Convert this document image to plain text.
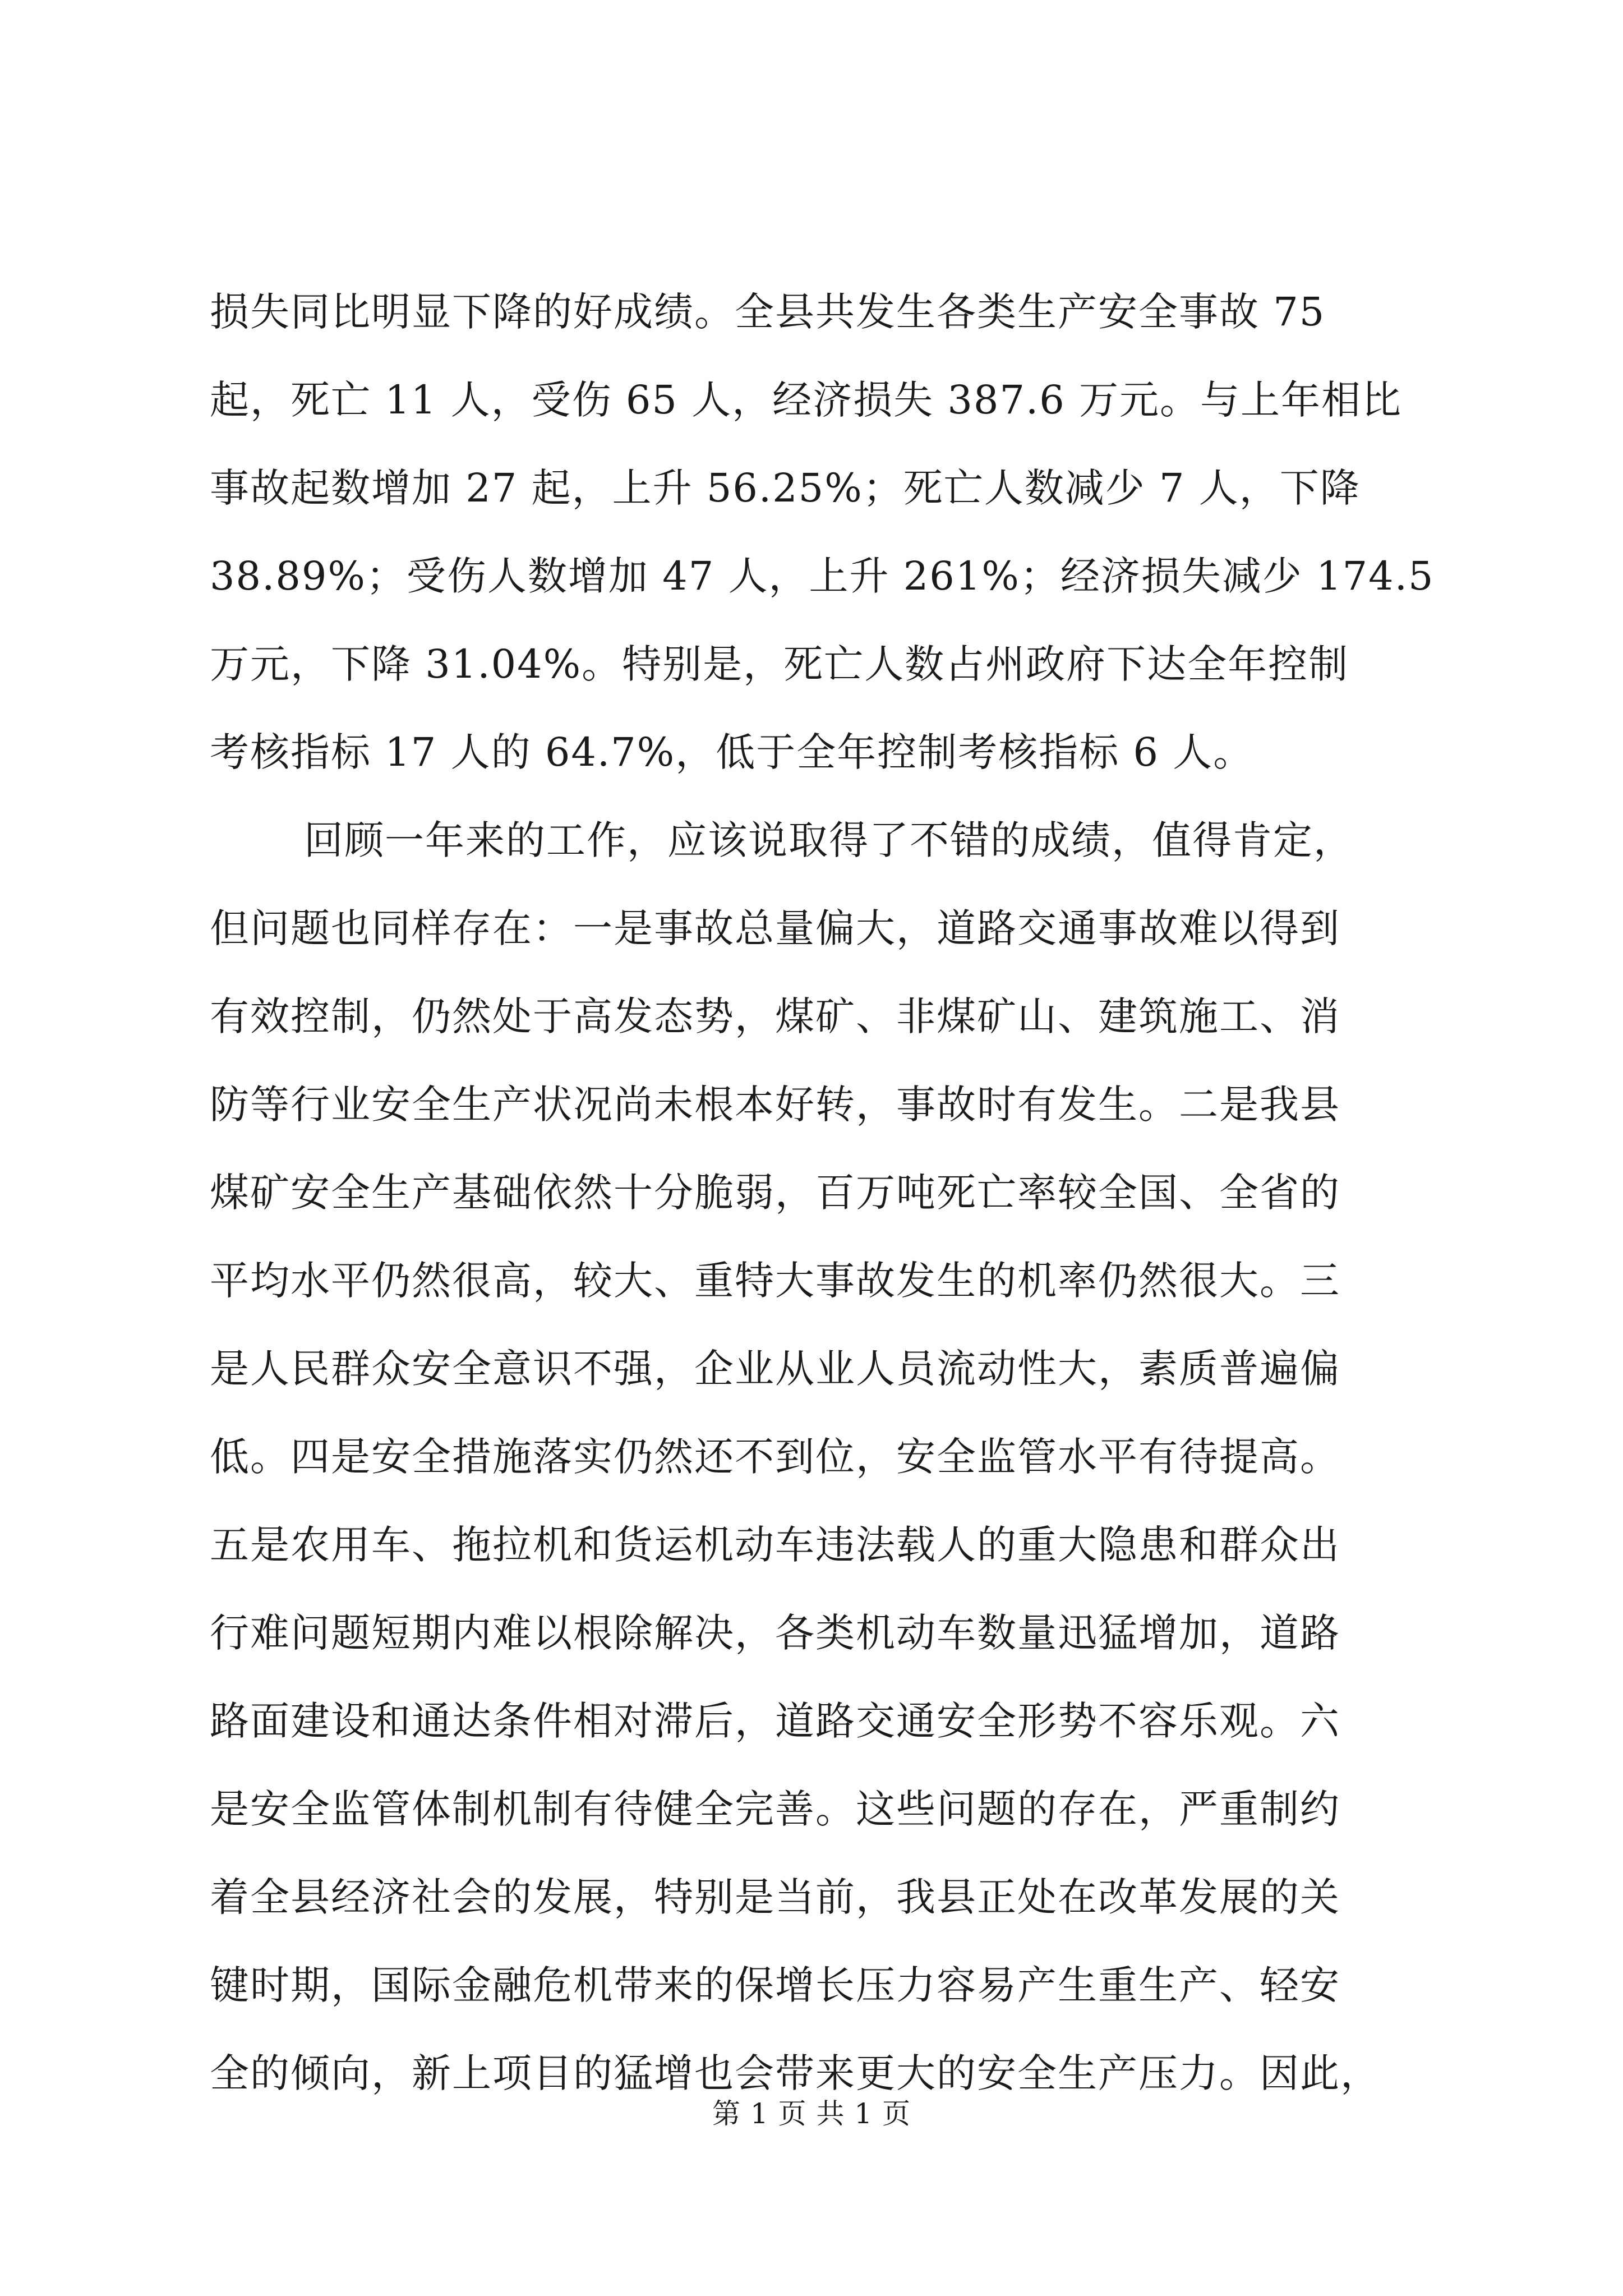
损失同比明显下降的好成绩。全县共发生各类生产安全事故 75
起，死亡 11 人，受伤 65 人，经济损失 387.6 万元。与上年相比
事故起数增加 27 起，上升 56.25%；死亡人数减少 7 人，下降
38.89%；受伤人数增加 47 人，上升 261%；经济损失减少 174.5
万元，下降 31.04%。特别是，死亡人数占州政府下达全年控制
考核指标 17 人的 64.7%，低于全年控制考核指标 6 人。
回顾一年来的工作，应该说取得了不错的成绩，值得肯定，
但问题也同样存在：一是事故总量偏大，道路交通事故难以得到
有效控制，仍然处于高发态势，煤矿、非煤矿山、建筑施工、消
防等行业安全生产状况尚未根本好转，事故时有发生。二是我县
煤矿安全生产基础依然十分脆弱，百万吨死亡率较全国、全省的
平均水平仍然很高，较大、重特大事故发生的机率仍然很大。三
是人民群众安全意识不强，企业从业人员流动性大，素质普遍偏
低。四是安全措施落实仍然还不到位，安全监管水平有待提高。
五是农用车、拖拉机和货运机动车违法载人的重大隐患和群众出
行难问题短期内难以根除解决，各类机动车数量迅猛增加，道路
路面建设和通达条件相对滞后，道路交通安全形势不容乐观。六
是安全监管体制机制有待健全完善。这些问题的存在，严重制约
着全县经济社会的发展，特别是当前，我县正处在改革发展的关
键时期，国际金融危机带来的保增长压力容易产生重生产、轻安
全的倾向，新上项目的猛增也会带来更大的安全生产压力。因此，
第 1 页 共 1 页
